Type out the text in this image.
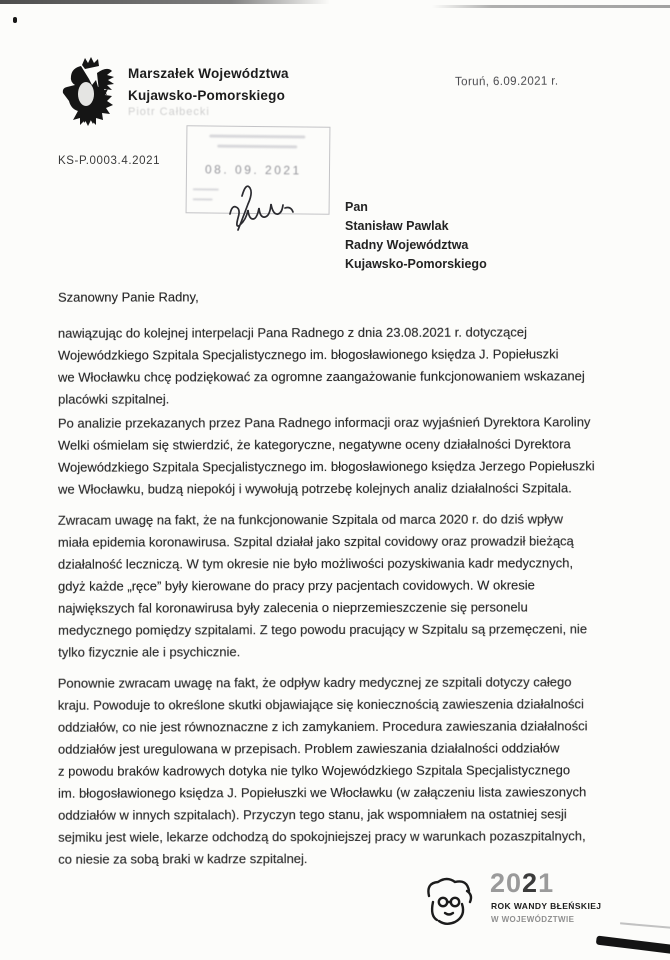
Marszałek Województwa
Kujawsko-Pomorskiego
Piotr Całbecki
Toruń, 6.09.2021 r.
KS-P.0003.4.2021
08. 09. 2021
Pan
Stanisław Pawlak
Radny Województwa
Kujawsko-Pomorskiego
Szanowny Panie Radny,
nawiązując do kolejnej interpelacji Pana Radnego z dnia 23.08.2021 r. dotyczącej
Wojewódzkiego Szpitala Specjalistycznego im. błogosławionego księdza J. Popiełuszki
we Włocławku chcę podziękować za ogromne zaangażowanie funkcjonowaniem wskazanej
placówki szpitalnej.
Po analizie przekazanych przez Pana Radnego informacji oraz wyjaśnień Dyrektora Karoliny
Welki ośmielam się stwierdzić, że kategoryczne, negatywne oceny działalności Dyrektora
Wojewódzkiego Szpitala Specjalistycznego im. błogosławionego księdza Jerzego Popiełuszki
we Włocławku, budzą niepokój i wywołują potrzebę kolejnych analiz działalności Szpitala.
Zwracam uwagę na fakt, że na funkcjonowanie Szpitala od marca 2020 r. do dziś wpływ
miała epidemia koronawirusa. Szpital działał jako szpital covidowy oraz prowadził bieżącą
działalność leczniczą. W tym okresie nie było możliwości pozyskiwania kadr medycznych,
gdyż każde „ręce” były kierowane do pracy przy pacjentach covidowych. W okresie
największych fal koronawirusa były zalecenia o nieprzemieszczenie się personelu
medycznego pomiędzy szpitalami. Z tego powodu pracujący w Szpitalu są przemęczeni, nie
tylko fizycznie ale i psychicznie.
Ponownie zwracam uwagę na fakt, że odpływ kadry medycznej ze szpitali dotyczy całego
kraju. Powoduje to określone skutki objawiające się koniecznością zawieszenia działalności
oddziałów, co nie jest równoznaczne z ich zamykaniem. Procedura zawieszania działalności
oddziałów jest uregulowana w przepisach. Problem zawieszania działalności oddziałów
z powodu braków kadrowych dotyka nie tylko Wojewódzkiego Szpitala Specjalistycznego
im. błogosławionego księdza J. Popiełuszki we Włocławku (w załączeniu lista zawieszonych
oddziałów w innych szpitalach). Przyczyn tego stanu, jak wspomniałem na ostatniej sesji
sejmiku jest wiele, lekarze odchodzą do spokojniejszej pracy w warunkach pozaszpitalnych,
co niesie za sobą braki w kadrze szpitalnej.
2021
ROK WANDY BŁEŃSKIEJ
W WOJEWÓDZTWIE
